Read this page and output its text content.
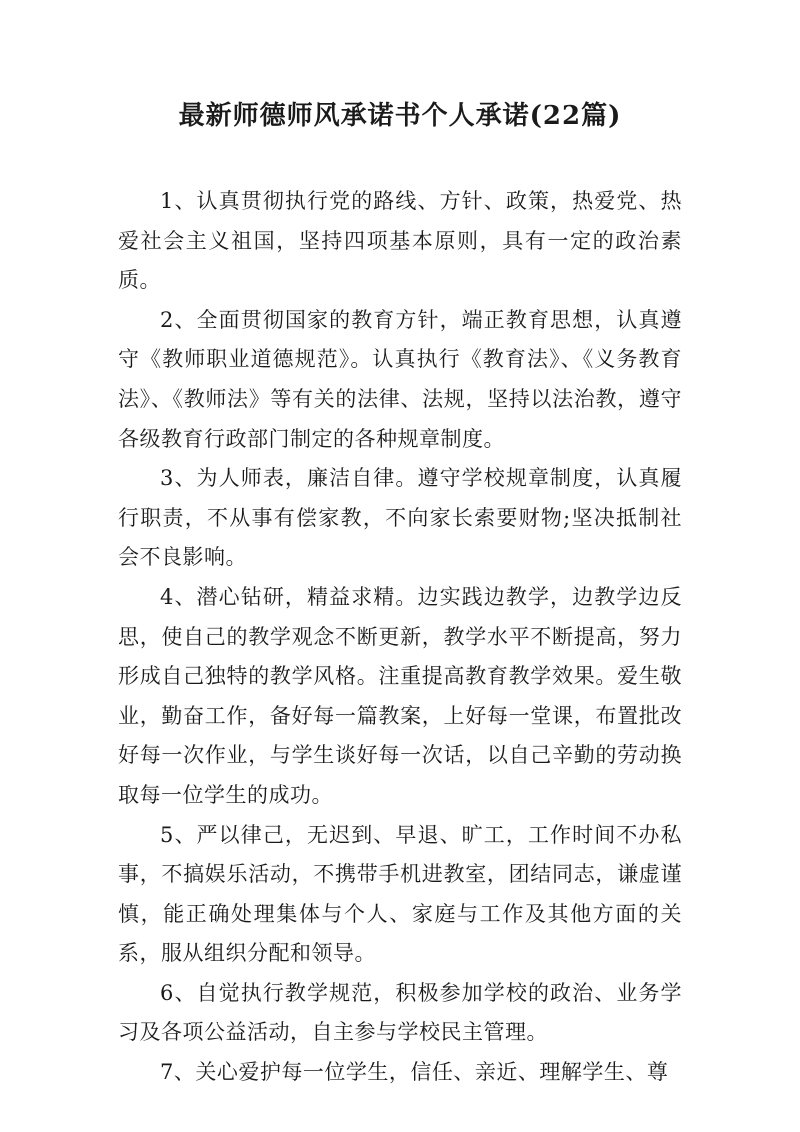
最新师德师风承诺书个人承诺(22篇)

1、认真贯彻执行党的路线、方针、政策，热爱党、热爱社会主义祖国，坚持四项基本原则，具有一定的政治素质。

2、全面贯彻国家的教育方针，端正教育思想，认真遵守《教师职业道德规范》。认真执行《教育法》、《义务教育法》、《教师法》等有关的法律、法规，坚持以法治教，遵守各级教育行政部门制定的各种规章制度。

3、为人师表，廉洁自律。遵守学校规章制度，认真履行职责，不从事有偿家教，不向家长索要财物;坚决抵制社会不良影响。

4、潜心钻研，精益求精。边实践边教学，边教学边反思，使自己的教学观念不断更新，教学水平不断提高，努力形成自己独特的教学风格。注重提高教育教学效果。爱生敬业，勤奋工作，备好每一篇教案，上好每一堂课，布置批改好每一次作业，与学生谈好每一次话，以自己辛勤的劳动换取每一位学生的成功。

5、严以律己，无迟到、早退、旷工，工作时间不办私事，不搞娱乐活动，不携带手机进教室，团结同志，谦虚谨慎，能正确处理集体与个人、家庭与工作及其他方面的关系，服从组织分配和领导。

6、自觉执行教学规范，积极参加学校的政治、业务学习及各项公益活动，自主参与学校民主管理。

7、关心爱护每一位学生，信任、亲近、理解学生、尊
